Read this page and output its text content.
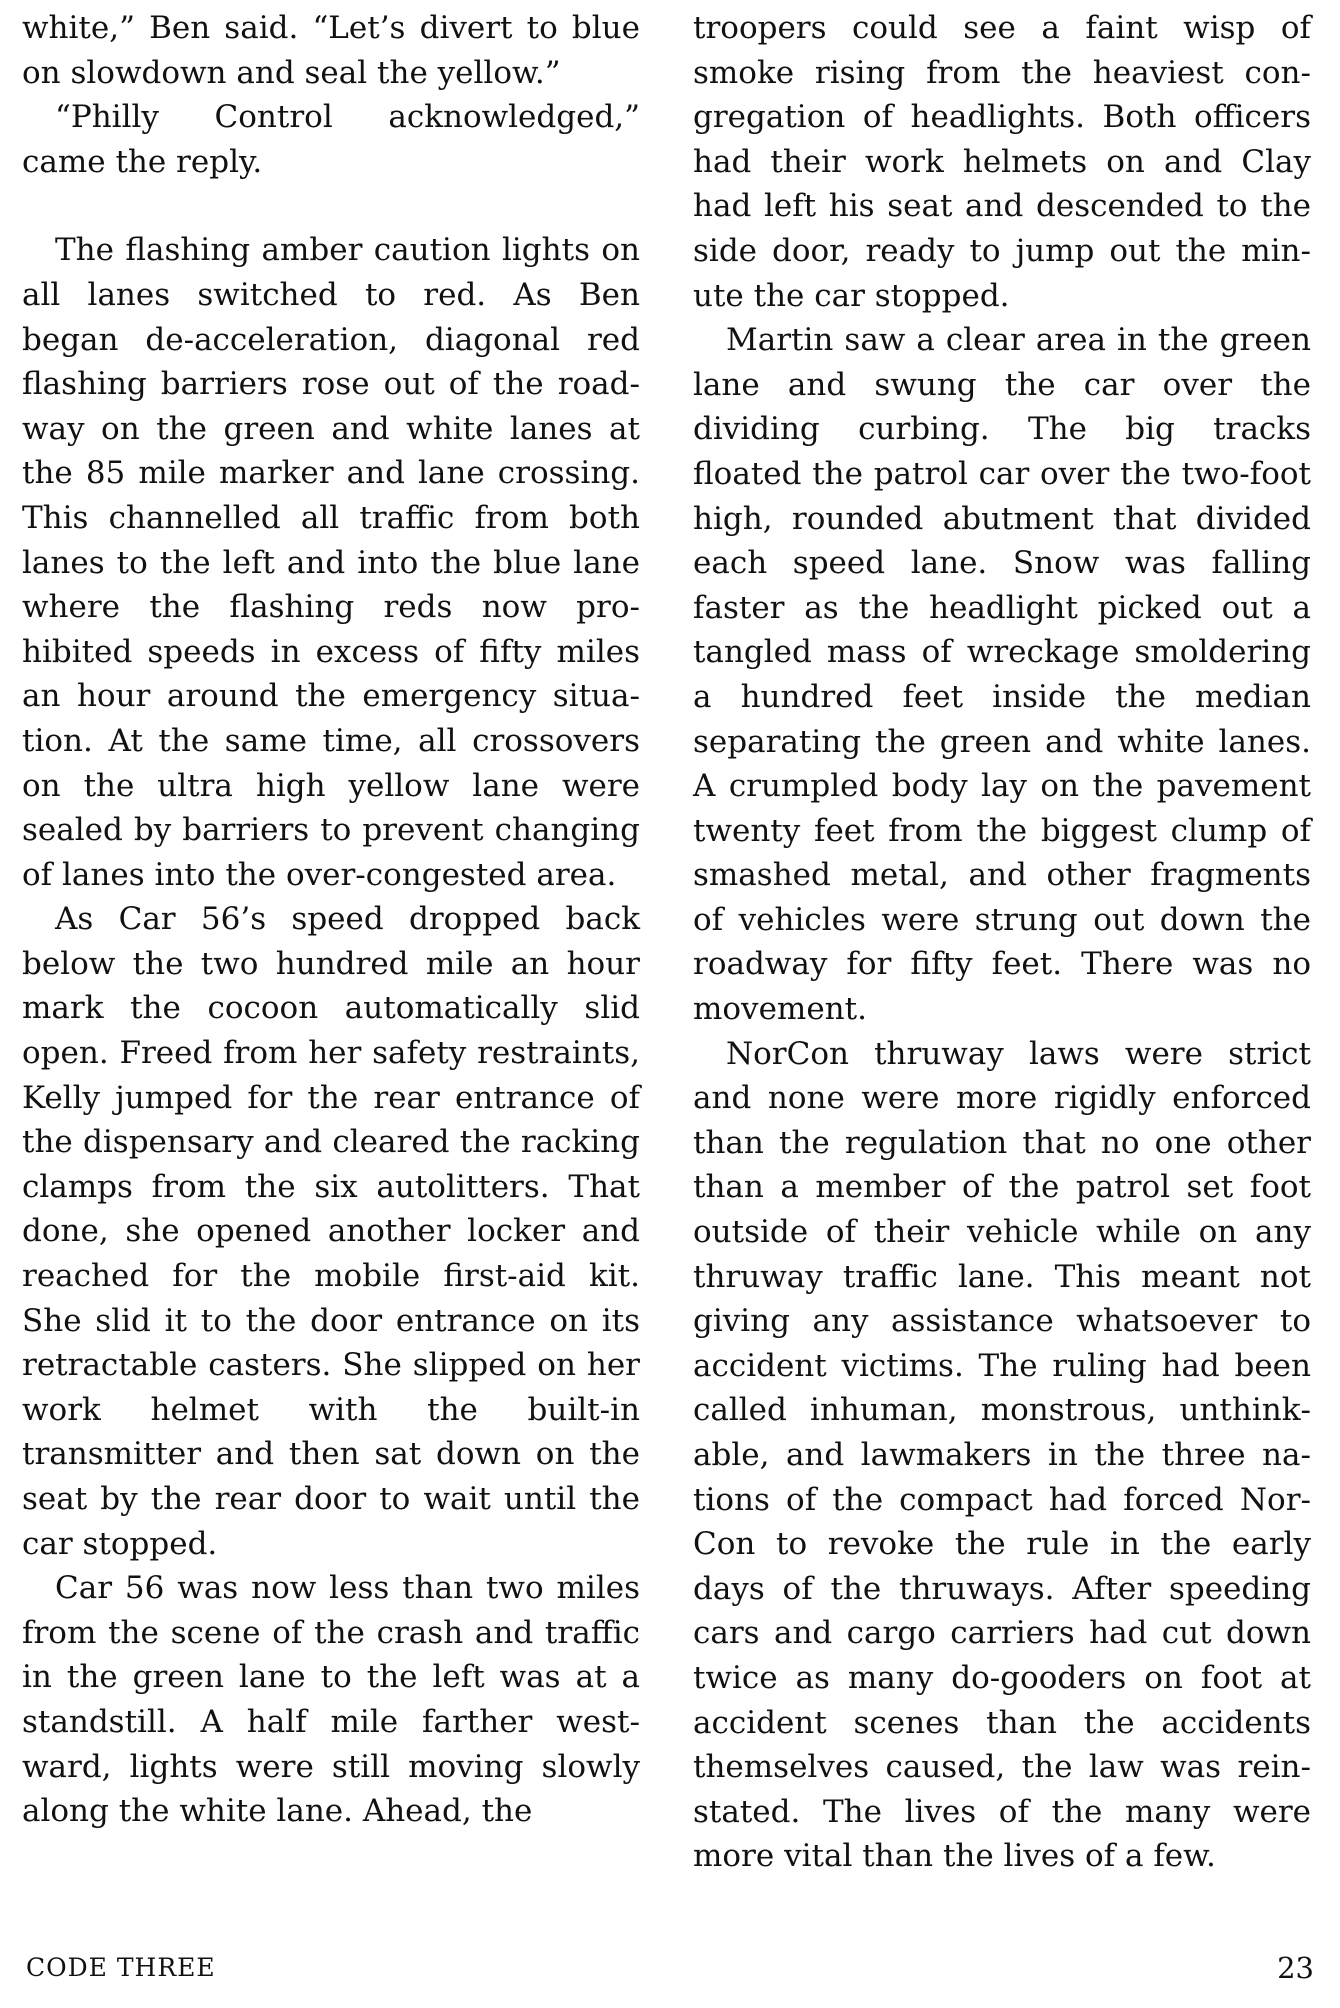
white,” Ben said. “Let’s divert to blue on slowdown and seal the yellow.”

“Philly Control acknowledged,” came the reply.

The flashing amber caution lights on all lanes switched to red. As Ben began de-acceleration, diagonal red flashing barriers rose out of the roadway on the green and white lanes at the 85 mile marker and lane crossing. This channelled all traffic from both lanes to the left and into the blue lane where the flashing reds now prohibited speeds in excess of fifty miles an hour around the emergency situation. At the same time, all crossovers on the ultra high yellow lane were sealed by barriers to prevent changing of lanes into the over-congested area.

As Car 56’s speed dropped back below the two hundred mile an hour mark the cocoon automatically slid open. Freed from her safety restraints, Kelly jumped for the rear entrance of the dispensary and cleared the racking clamps from the six autolitters. That done, she opened another locker and reached for the mobile first-aid kit. She slid it to the door entrance on its retractable casters. She slipped on her work helmet with the built-in transmitter and then sat down on the seat by the rear door to wait until the car stopped.

Car 56 was now less than two miles from the scene of the crash and traffic in the green lane to the left was at a standstill. A half mile farther westward, lights were still moving slowly along the white lane. Ahead, the

troopers could see a faint wisp of smoke rising from the heaviest congregation of headlights. Both officers had their work helmets on and Clay had left his seat and descended to the side door, ready to jump out the minute the car stopped.

Martin saw a clear area in the green lane and swung the car over the dividing curbing. The big tracks floated the patrol car over the two-foot high, rounded abutment that divided each speed lane. Snow was falling faster as the headlight picked out a tangled mass of wreckage smoldering a hundred feet inside the median separating the green and white lanes. A crumpled body lay on the pavement twenty feet from the biggest clump of smashed metal, and other fragments of vehicles were strung out down the roadway for fifty feet. There was no movement.

NorCon thruway laws were strict and none were more rigidly enforced than the regulation that no one other than a member of the patrol set foot outside of their vehicle while on any thruway traffic lane. This meant not giving any assistance whatsoever to accident victims. The ruling had been called inhuman, monstrous, unthinkable, and lawmakers in the three nations of the compact had forced NorCon to revoke the rule in the early days of the thruways. After speeding cars and cargo carriers had cut down twice as many do-gooders on foot at accident scenes than the accidents themselves caused, the law was reinstated. The lives of the many were more vital than the lives of a few.

CODE THREE	23
